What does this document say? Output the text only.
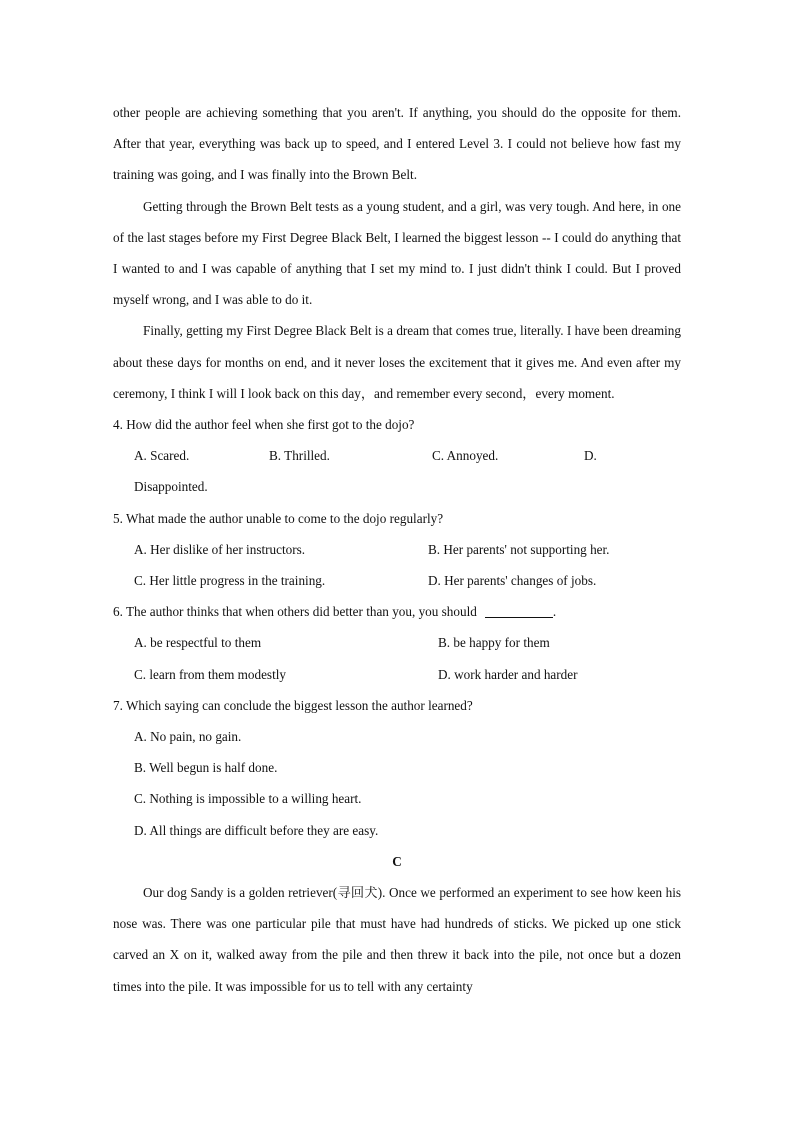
other people are achieving something that you aren't. If anything, you should do the opposite for them. After that year, everything was back up to speed, and I entered Level 3. I could not believe how fast my training was going, and I was finally into the Brown Belt.

Getting through the Brown Belt tests as a young student, and a girl, was very tough. And here, in one of the last stages before my First Degree Black Belt, I learned the biggest lesson -- I could do anything that I wanted to and I was capable of anything that I set my mind to. I just didn't think I could. But I proved myself wrong, and I was able to do it.

Finally, getting my First Degree Black Belt is a dream that comes true, literally. I have been dreaming about these days for months on end, and it never loses the excitement that it gives me. And even after my ceremony, I think I will I look back on this day，and remember every second，every moment.

4. How did the author feel when she first got to the dojo?

A. Scared.	B. Thrilled.	C. Annoyed.	D.
Disappointed.

5. What made the author unable to come to the dojo regularly?

A. Her dislike of her instructors.	B. Her parents' not supporting her.
C. Her little progress in the training.	D. Her parents' changes of jobs.

6. The author thinks that when others did better than you, you should	.

A. be respectful to them	B. be happy for them
C. learn from them modestly	D. work harder and harder

7. Which saying can conclude the biggest lesson the author learned?

A. No pain, no gain.
B. Well begun is half done.
C. Nothing is impossible to a willing heart.
D. All things are difficult before they are easy.
C

Our dog Sandy is a golden retriever(寻回犬). Once we performed an experiment to see how keen his nose was. There was one particular pile that must have had hundreds of sticks. We picked up one stick carved an X on it, walked away from the pile and then threw it back into the pile, not once but a dozen times into the pile. It was impossible for us to tell with any certainty
